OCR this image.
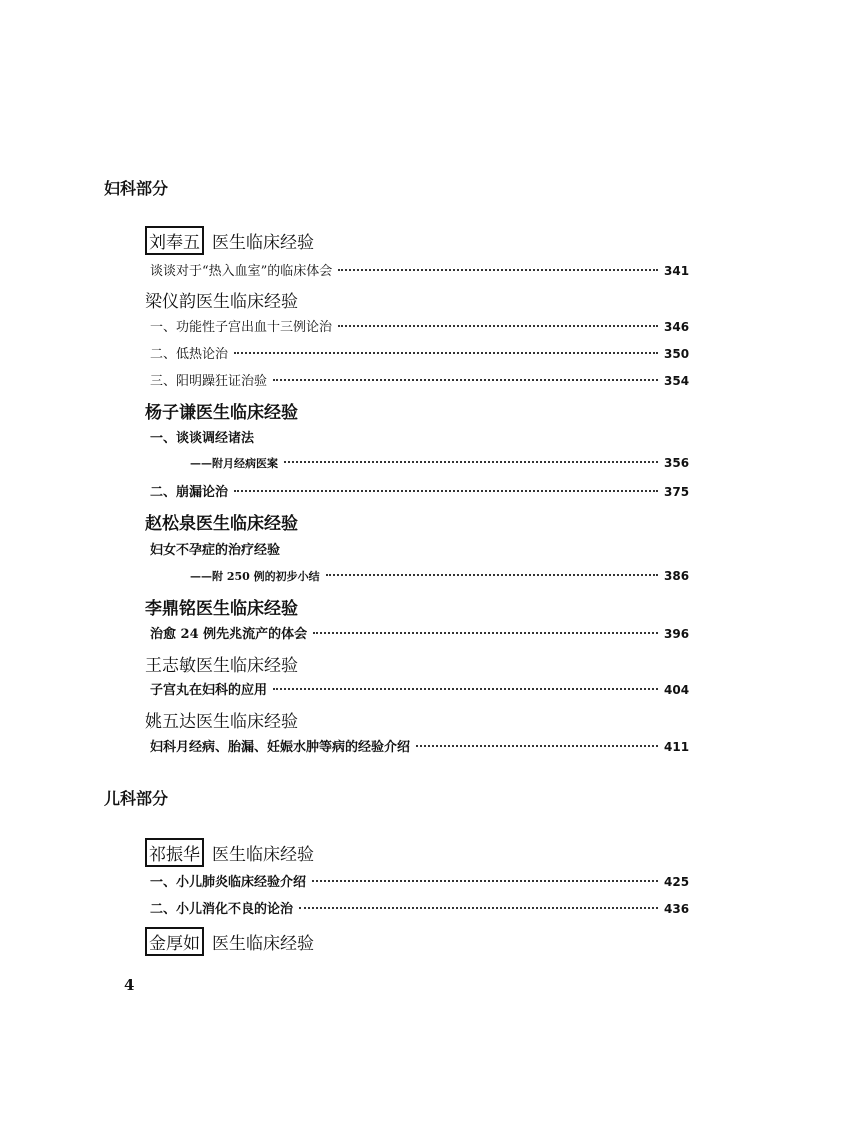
妇科部分
刘奉五 医生临床经验
谈谈对于“热入血室”的临床体会	341
梁仪韵医生临床经验
一、功能性子宫出血十三例论治	346
二、低热论治	350
三、阳明躁狂证治验	354
杨子谦医生临床经验
一、谈谈调经诸法
——附月经病医案	356
二、崩漏论治	375
赵松泉医生临床经验
妇女不孕症的治疗经验
——附 250 例的初步小结	386
李鼎铭医生临床经验
治愈 24 例先兆流产的体会	396
王志敏医生临床经验
子宫丸在妇科的应用	404
姚五达医生临床经验
妇科月经病、胎漏、妊娠水肿等病的经验介绍	411
儿科部分
祁振华 医生临床经验
一、小儿肺炎临床经验介绍	425
二、小儿消化不良的论治	436
金厚如 医生临床经验
4
